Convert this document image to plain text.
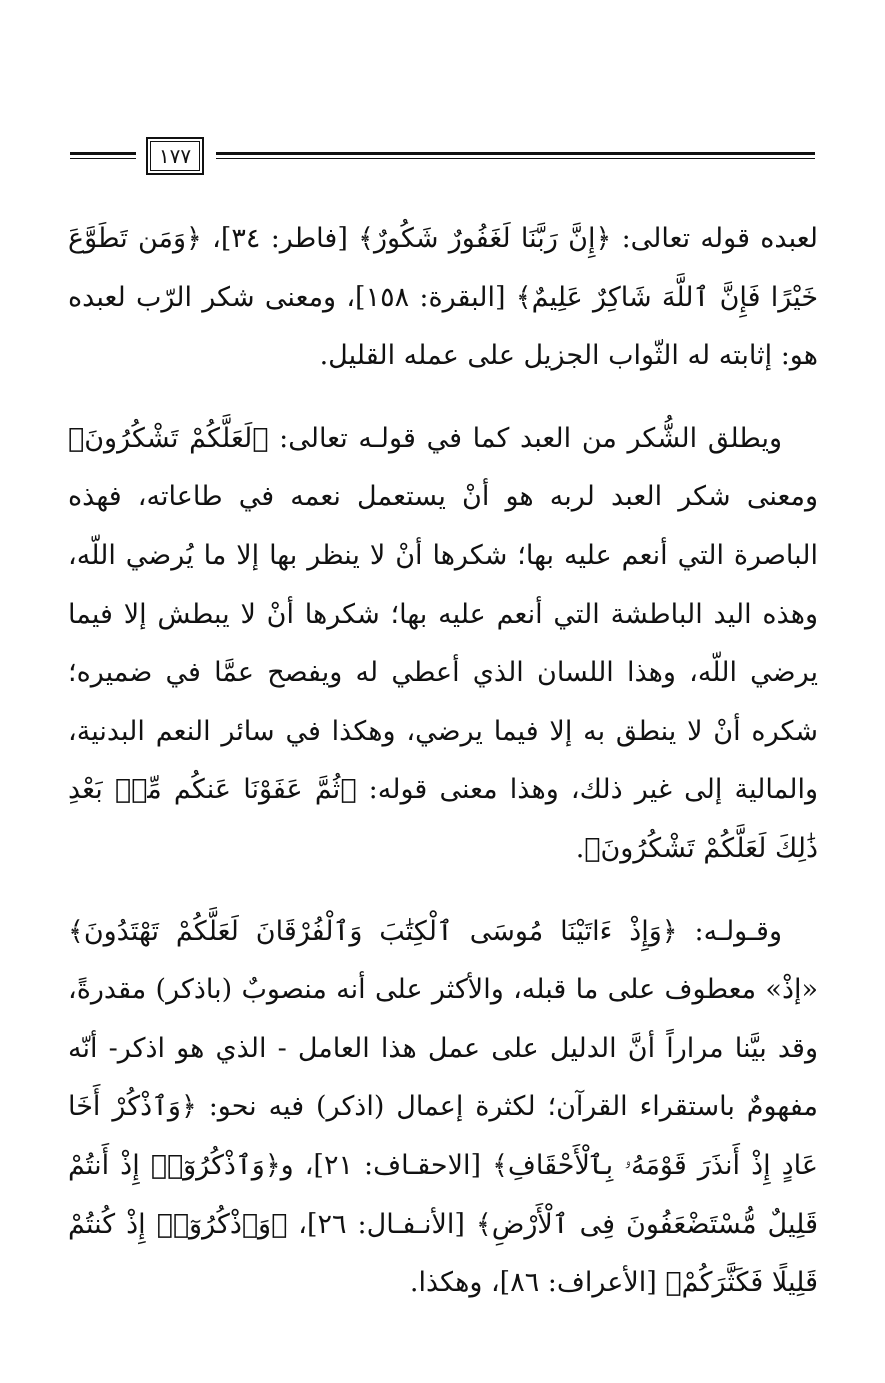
١٧٧

لعبده قوله تعالى: ﴿إِنَّ رَبَّنَا لَغَفُورٌ شَكُورٌ﴾ [فاطر: ٣٤]، ﴿وَمَن تَطَوَّعَ خَيْرًا فَإِنَّ ٱللَّهَ شَاكِرٌ عَلِيمٌ﴾ [البقرة: ١٥٨]، ومعنى شكر الرّب لعبده هو: إثابته له الثّواب الجزيل على عمله القليل.

ويطلق الشُّكر من العبد كما في قولـه تعالى: ﴿لَعَلَّكُمْ تَشْكُرُونَ﴾ ومعنى شكر العبد لربه هو أنْ يستعمل نعمه في طاعاته، فهذه الباصرة التي أنعم عليه بها؛ شكرها أنْ لا ينظر بها إلا ما يُرضي اللّه، وهذه اليد الباطشة التي أنعم عليه بها؛ شكرها أنْ لا يبطش إلا فيما يرضي اللّه، وهذا اللسان الذي أعطي له ويفصح عمَّا في ضميره؛ شكره أنْ لا ينطق به إلا فيما يرضي، وهكذا في سائر النعم البدنية، والمالية إلى غير ذلك، وهذا معنى قوله: ﴿ثُمَّ عَفَوْنَا عَنكُم مِّنۢ بَعْدِ ذَٰلِكَ لَعَلَّكُمْ تَشْكُرُونَ﴾.

وقـولـه: ﴿وَإِذْ ءَاتَيْنَا مُوسَى ٱلْكِتَٰبَ وَٱلْفُرْقَانَ لَعَلَّكُمْ تَهْتَدُونَ﴾ «إذْ» معطوف على ما قبله، والأكثر على أنه منصوبٌ (باذكر) مقدرةً، وقد بيَّنا مراراً أنَّ الدليل على عمل هذا العامل - الذي هو اذكر- أنّه مفهومٌ باستقراء القرآن؛ لكثرة إعمال (اذكر) فيه نحو: ﴿وَٱذْكُرْ أَخَا عَادٍ إِذْ أَنذَرَ قَوْمَهُۥ بِٱلْأَحْقَافِ﴾ [الاحقـاف: ٢١]، و﴿وَٱذْكُرُوٓا۟ إِذْ أَنتُمْ قَلِيلٌ مُّسْتَضْعَفُونَ فِى ٱلْأَرْضِ﴾ [الأنـفـال: ٢٦]، ﴿وَٱذْكُرُوٓا۟ إِذْ كُنتُمْ قَلِيلًا فَكَثَّرَكُمْ﴾ [الأعراف: ٨٦]، وهكذا.
